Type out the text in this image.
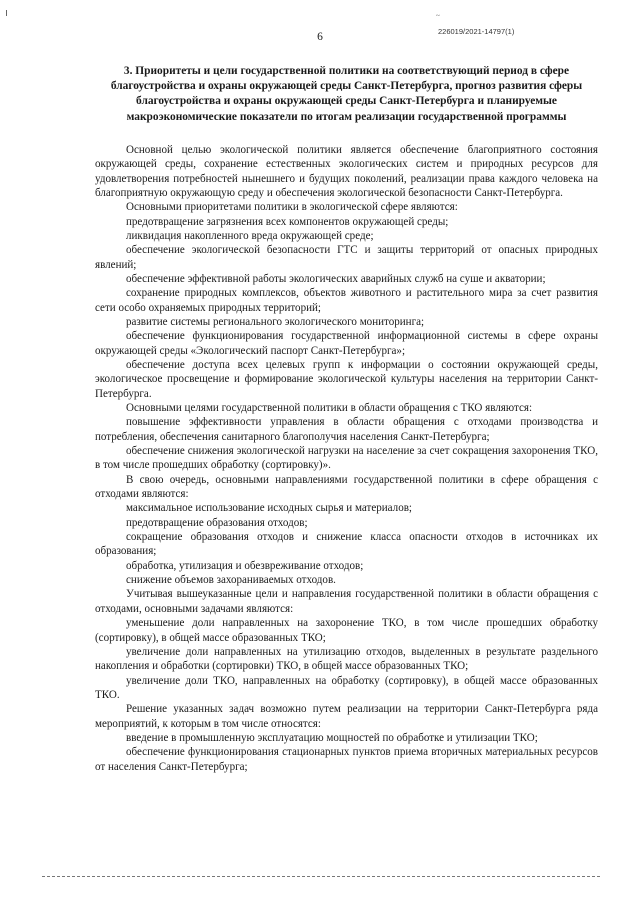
~
6	226019/2021-14797(1)

3. Приоритеты и цели государственной политики на соответствующий период в сфере благоустройства и охраны окружающей среды Санкт-Петербурга, прогноз развития сферы благоустройства и охраны окружающей среды Санкт-Петербурга и планируемые макроэкономические показатели по итогам реализации государственной программы

Основной целью экологической политики является обеспечение благоприятного состояния окружающей среды, сохранение естественных экологических систем и природных ресурсов для удовлетворения потребностей нынешнего и будущих поколений, реализации права каждого человека на благоприятную окружающую среду и обеспечения экологической безопасности Санкт-Петербурга.

Основными приоритетами политики в экологической сфере являются:

предотвращение загрязнения всех компонентов окружающей среды;

ликвидация накопленного вреда окружающей среде;

обеспечение экологической безопасности ГТС и защиты территорий от опасных природных явлений;

обеспечение эффективной работы экологических аварийных служб на суше и акватории;

сохранение природных комплексов, объектов животного и растительного мира за счет развития сети особо охраняемых природных территорий;

развитие системы регионального экологического мониторинга;

обеспечение функционирования государственной информационной системы в сфере охраны окружающей среды «Экологический паспорт Санкт-Петербурга»;

обеспечение доступа всех целевых групп к информации о состоянии окружающей среды, экологическое просвещение и формирование экологической культуры населения на территории Санкт-Петербурга.

Основными целями государственной политики в области обращения с ТКО являются:

повышение эффективности управления в области обращения с отходами производства и потребления, обеспечения санитарного благополучия населения Санкт-Петербурга;

обеспечение снижения экологической нагрузки на население за счет сокращения захоронения ТКО, в том числе прошедших обработку (сортировку)».

В свою очередь, основными направлениями государственной политики в сфере обращения с отходами являются:

максимальное использование исходных сырья и материалов;

предотвращение образования отходов;

сокращение образования отходов и снижение класса опасности отходов в источниках их образования;

обработка, утилизация и обезвреживание отходов;

снижение объемов захораниваемых отходов.

Учитывая вышеуказанные цели и направления государственной политики в области обращения с отходами, основными задачами являются:

уменьшение доли направленных на захоронение ТКО, в том числе прошедших обработку (сортировку), в общей массе образованных ТКО;

увеличение доли направленных на утилизацию отходов, выделенных в результате раздельного накопления и обработки (сортировки) ТКО, в общей массе образованных ТКО;

увеличение доли ТКО, направленных на обработку (сортировку), в общей массе образованных ТКО.

Решение указанных задач возможно путем реализации на территории Санкт-Петербурга ряда мероприятий, к которым в том числе относятся:

введение в промышленную эксплуатацию мощностей по обработке и утилизации ТКО;

обеспечение функционирования стационарных пунктов приема вторичных материальных ресурсов от населения Санкт-Петербурга;
